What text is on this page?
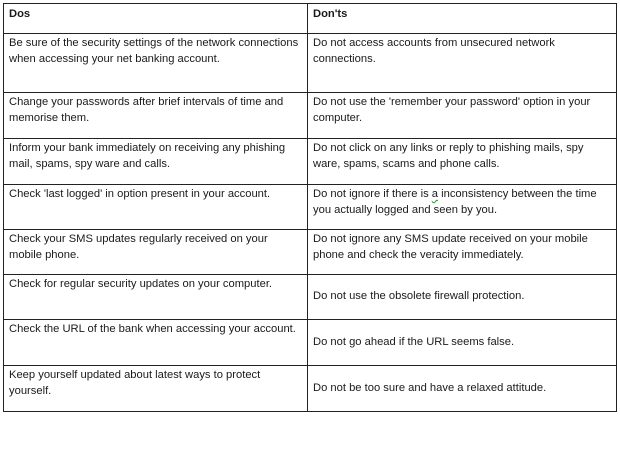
Dos	Don'ts
Be sure of the security settings of the network connections when accessing your net banking account.	Do not access accounts from unsecured network connections.
Change your passwords after brief intervals of time and memorise them.	Do not use the 'remember your password' option in your computer.
Inform your bank immediately on receiving any phishing mail, spams, spy ware and calls.	Do not click on any links or reply to phishing mails, spy ware, spams, scams and phone calls.
Check 'last logged' in option present in your account.	Do not ignore if there is a inconsistency between the time you actually logged and seen by you.
Check your SMS updates regularly received on your mobile phone.	Do not ignore any SMS update received on your mobile phone and check the veracity immediately.
Check for regular security updates on your computer.	Do not use the obsolete firewall protection.
Check the URL of the bank when accessing your account.	Do not go ahead if the URL seems false.
Keep yourself updated about latest ways to protect yourself.	Do not be too sure and have a relaxed attitude.
